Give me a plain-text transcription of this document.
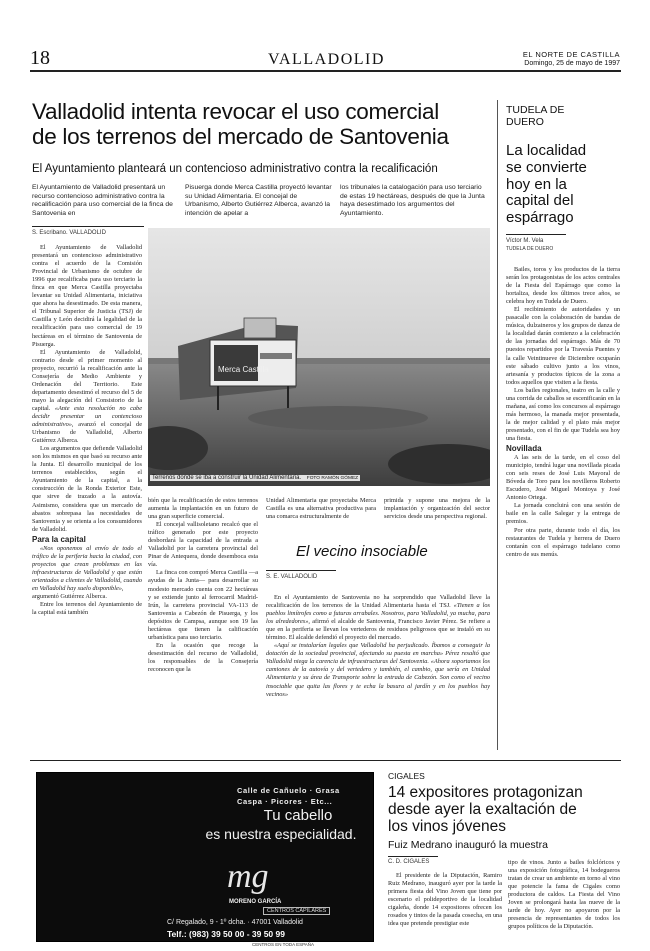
18	VALLADOLID	EL NORTE DE CASTILLA
Domingo, 25 de mayo de 1997
Valladolid intenta revocar el uso comercial
de los terrenos del mercado de Santovenia
El Ayuntamiento planteará un contencioso administrativo contra la recalificación
El Ayuntamiento de Valladolid presentará un recurso contencioso administrativo contra la recalificación para uso comercial de la finca de Santovenia en
Pisuerga donde Merca Castilla proyectó levantar su Unidad Alimentaria. El concejal de Urbanismo, Alberto Gutiérrez Alberca, avanzó la intención de apelar a
los tribunales la catalogación para uso terciario de estas 19 hectáreas, después de que la Junta haya desestimado los argumentos del Ayuntamiento.
S. Escribano. VALLADOLID

El Ayuntamiento de Valladolid presentará un contencioso administrativo contra el acuerdo de la Comisión Provincial de Urbanismo de octubre de 1996 que recalificaba para uso terciario la finca en que Merca Castilla proyectaba levantar su Unidad Alimentaria, iniciativa que ahora ha desestimado. De esta manera, el Tribunal Superior de Justicia (TSJ) de Castilla y León decidirá la legalidad de la recalificación para uso comercial de 19 hectáreas en el término de Santovenia de Pisuerga.

El Ayuntamiento de Valladolid, contrario desde el primer momento al proyecto, recurrió la recalificación ante la Consejería de Medio Ambiente y Ordenación del Territorio. Este departamento desestimó el recurso del 5 de mayo la alegación del Consistorio de la capital. «Ante esta resolución no cabe decidir presentar un contencioso administrativo», avanzó el concejal de Urbanismo de Valladolid, Alberto Gutiérrez Alberca.

Los argumentos que defiende Valladolid son los mismos en que basó su recurso ante la Junta. El desarrollo municipal de los terrenos establecidos, según el Ayuntamiento de la capital, a la construcción de la Ronda Exterior Este, que sirve de trazado a la autovía. Asimismo, considera que un mercado de abastos sobrepasa las necesidades de Santovenia y se orienta a los consumidores de Valladolid.

Para la capital

«Nos oponemos al envío de todo el tráfico de la periferia hacia la ciudad, con proyectos que crean problemas en las infraestructuras de Valladolid y que están orientados a clientes de Valladolid, cuando en Valladolid hay suelo disponible»,

argumentó Gutiérrez Alberca.

Entre los terrenos del Ayuntamiento de la capital está también

Merca Castilla
Terrenos donde se iba a construir la Unidad Alimentaria. FOTO RAMÓN GÓMEZ

bién que la recalificación de estos terrenos aumenta la implantación en un futuro de una gran superficie comercial.

El concejal vallisoletano recalcó que el tráfico generado por este proyecto desbordará la capacidad de la entrada a Valladolid por la carretera provincial del Pinar de Antequera, donde desemboca esta vía.

La finca con compró Merca Castilla —a ayudas de la Junta— para desarrollar su modesto mercado cuenta con 22 hectáreas y se extiende junto al ferrocarril Madrid-Irún, la carretera provincial VA-113 de Santovenia a Cabezón de Pisuerga, y los depósitos de Campsa, aunque son 19 las hectáreas que tienen la calificación urbanística para uso terciario.

En la ocasión que recoge la desestimación del recurso de Valladolid, los responsables de la Consejería reconocen que la

Unidad Alimentaria que proyectaba Merca Castilla es una alternativa productiva para una comarca estructuralmente de
primida y supone una mejora de la implantación y organización del sector servicios desde una perspectiva regional.
El vecino insociable
S. E. VALLADOLID

En el Ayuntamiento de Santovenia no ha sorprendido que Valladolid lleve la recalificación de los terrenos de la Unidad Alimentaria hasta el TSJ. «Tienen a los pueblos limítrofes como a futuras arrabales. Nosotros, para Valladolid, ya mucha, para los alrededores», afirmó el alcalde de Santovenia, Francisco Javier Pérez. Se refiere a que en la periferia se llevan los vertederos de residuos peligrosos que se instaló en su término. El alcalde defendió el proyecto del mercado.

«Aquí se instalarían legales que Valladolid ha perjudicado. Íbamos a conseguir la dotación de la sociedad provincial, afectando su puesta en marcha» Pérez resaltó que Valladolid niega la carencia de infraestructuras del Santovenia. «Ahora soportamos los camiones de la autovía y del vertedero y también, el cambio, que sería en Unidad Alimentaria y su área de Transporte sobre la entrada de Cabezón. Son como el vecino insociable que quita las flores y te echa la basura al jardín y en los pueblos hay vecinos»

TUDELA DE
DUERO
La localidad
se convierte
hoy en la
capital del
espárrago
Víctor M. Vela
TUDELA DE DUERO

Bailes, toros y los productos de la tierra serán los protagonistas de los actos centrales de la Fiesta del Espárrago que como la hortaliza, desde los últimos trece años, se celebra hoy en Tudela de Duero.

El recibimiento de autoridades y un pasacalle con la colaboración de bandas de música, dulzaineros y los grupos de danza de la localidad darán comienzo a la celebración de las jornadas del espárrago. Más de 70 puestos repartidos por la Travesía Puentes y la calle Veintinueve de Diciembre ocuparán este sábado cultivo junto a los vinos, artesanía y productos típicos de la zona a todos aquellos que visiten a la fiesta.

Los bailes regionales, teatro en la calle y una corrida de caballos se escenificarán en la mañana, así como los concursos al espárrago más hermoso, la manada mejor presentada, la de mejor calidad y el plato más mejor presentado, con el fin de que Tudela sea hoy una fiesta.

Novillada

A las seis de la tarde, en el coso del municipio, tendrá lugar una novillada picada con seis reses de José Luis Mayoral de Bóveda de Toro para los novilleros Roberto Escudero, José Miguel Montoya y José Antonio Ortega.

La jornada concluirá con una sesión de baile en la calle Salegar y la entrega de premios.

Por otra parte, durante todo el día, los restaurantes de Tudela y herrera de Duero contarán con el espárrago tudelano como centro de sus menús.

Calle de Cañuelo · Grasa
Caspa · Picores · Etc...
Tu cabello
es nuestra especialidad.
mg
MORENO GARCÍA
CENTROS CAPILARES
C/ Regalado, 9 - 1º dcha. · 47001 Valladolid
Telf.: (983) 39 50 00 - 39 50 99
CENTROS EN TODA ESPAÑA
CIGALES
14 expositores protagonizan
desde ayer la exaltación de
los vinos jóvenes
Fuiz Medrano inauguró la muestra
C. D. CIGALES

El presidente de la Diputación, Ramiro Ruiz Medrano, inauguró ayer por la tarde la primera fiesta del Vino Joven que tiene por escenario el polideportivo de la localidad cigaleña, donde 14 expositores ofrecen los rosados y tintos de la pasada cosecha, en una idea que pretende prestigiar este

tipo de vinos. Junto a bailes folclóricos y una exposición fotográfica, 14 bodegueros tratan de crear un ambiente en torno al vino que potencie la fama de Cigales como productora de caldos. La Fiesta del Vino Joven se prolongará hasta las nueve de la tarde de hoy. Ayer no apoyaron por la presencia de representantes de todos los grupos políticos de la Diputación.
